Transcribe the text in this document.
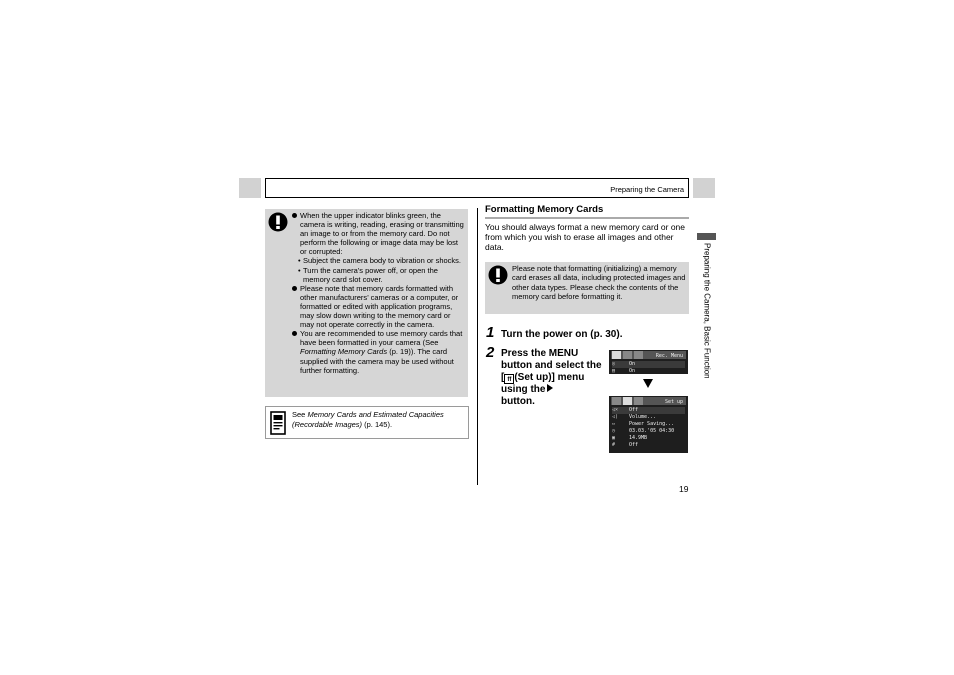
Preparing the Camera
When the upper indicator blinks green, the camera is writing, reading, erasing or transmitting an image to or from the memory card. Do not perform the following or image data may be lost or corrupted:
• Subject the camera body to vibration or shocks.
• Turn the camera’s power off, or open the memory card slot cover.
Please note that memory cards formatted with other manufacturers’ cameras or a computer, or formatted or edited with application programs, may slow down writing to the memory card or may not operate correctly in the camera.
You are recommended to use memory cards that have been formatted in your camera (See Formatting Memory Cards (p. 19)). The card supplied with the camera may be used without further formatting.
See Memory Cards and Estimated Capacities (Recordable Images) (p. 145).
Formatting Memory Cards
You should always format a new memory card or one from which you wish to erase all images and other data.
Please note that formatting (initializing) a memory card erases all data, including protected images and other data types. Please check the contents of the memory card before formatting it.
1 Turn the power on (p. 30).
2 Press the MENU button and select the [ ff (Set up)] menu using the
button.
Rec. Menu
◎	On
▤	On
Set up
◁×	Off
◁)	Volume...
▭	Power Saving...
◷	03.03.'05 04:30
▣	14.9MB
#	Off
Preparing the Camera, Basic Function
19
